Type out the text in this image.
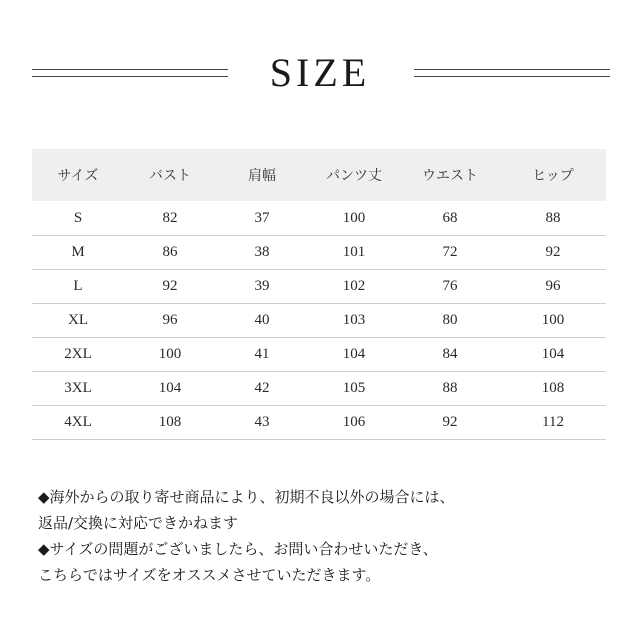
SIZE
サイズ	バスト	肩幅	パンツ丈	ウエスト	ヒップ
S	82	37	100	68	88
M	86	38	101	72	92
L	92	39	102	76	96
XL	96	40	103	80	100
2XL	100	41	104	84	104
3XL	104	42	105	88	108
4XL	108	43	106	92	112

◆海外からの取り寄せ商品により、初期不良以外の場合には、

返品/交換に対応できかねます

◆サイズの問題がございましたら、お問い合わせいただき、

こちらではサイズをオススメさせていただきます。
